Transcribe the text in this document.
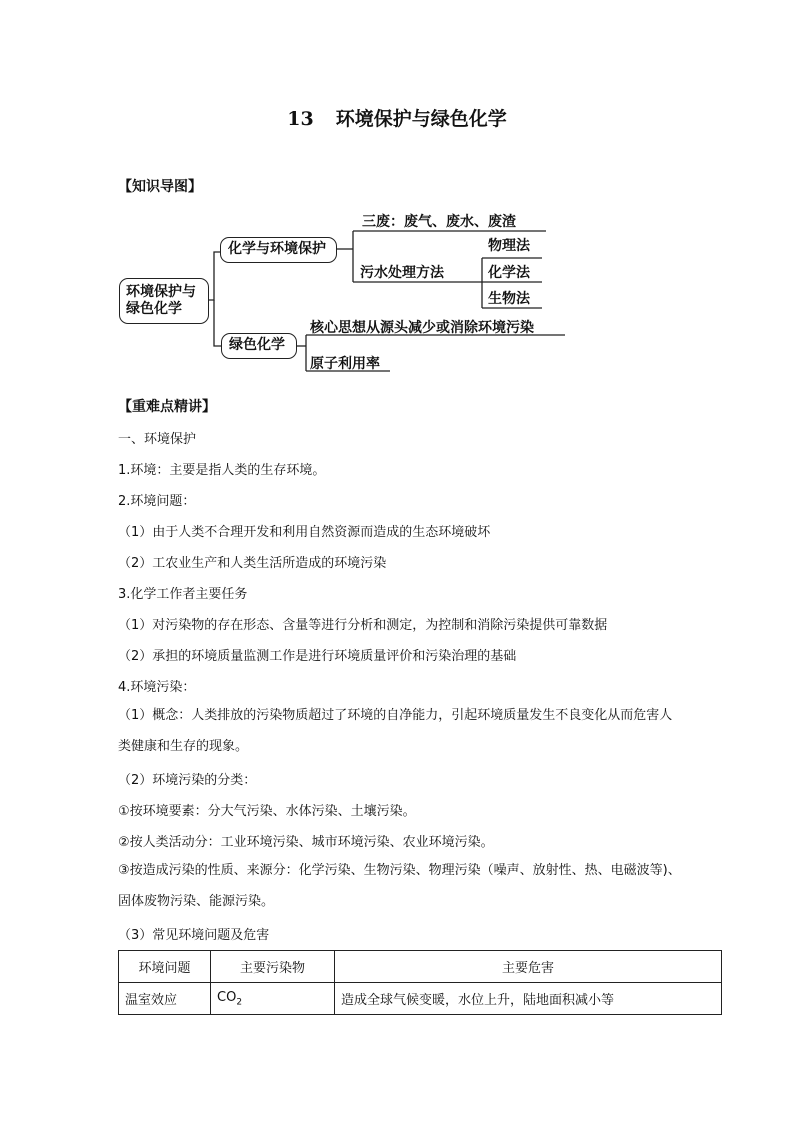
13 环境保护与绿色化学
【知识导图】
环境保护与绿色化学
化学与环境保护
绿色化学
三废：废气、废水、废渣
污水处理方法
物理法
化学法
生物法
核心思想从源头减少或消除环境污染
原子利用率
【重难点精讲】
一、环境保护
1.环境：主要是指人类的生存环境。
2.环境问题：
（1）由于人类不合理开发和利用自然资源而造成的生态环境破坏
（2）工农业生产和人类生活所造成的环境污染
3.化学工作者主要任务
（1）对污染物的存在形态、含量等进行分析和测定，为控制和消除污染提供可靠数据
（2）承担的环境质量监测工作是进行环境质量评价和污染治理的基础
4.环境污染：
（1）概念：人类排放的污染物质超过了环境的自净能力，引起环境质量发生不良变化从而危害人类健康和生存的现象。
（2）环境污染的分类：
①按环境要素：分大气污染、水体污染、土壤污染。
②按人类活动分：工业环境污染、城市环境污染、农业环境污染。
③按造成污染的性质、来源分：化学污染、生物污染、物理污染（噪声、放射性、热、电磁波等)、固体废物污染、能源污染。
（3）常见环境问题及危害
环境问题	主要污染物	主要危害
温室效应	$CO_2$	造成全球气候变暖，水位上升，陆地面积减小等
